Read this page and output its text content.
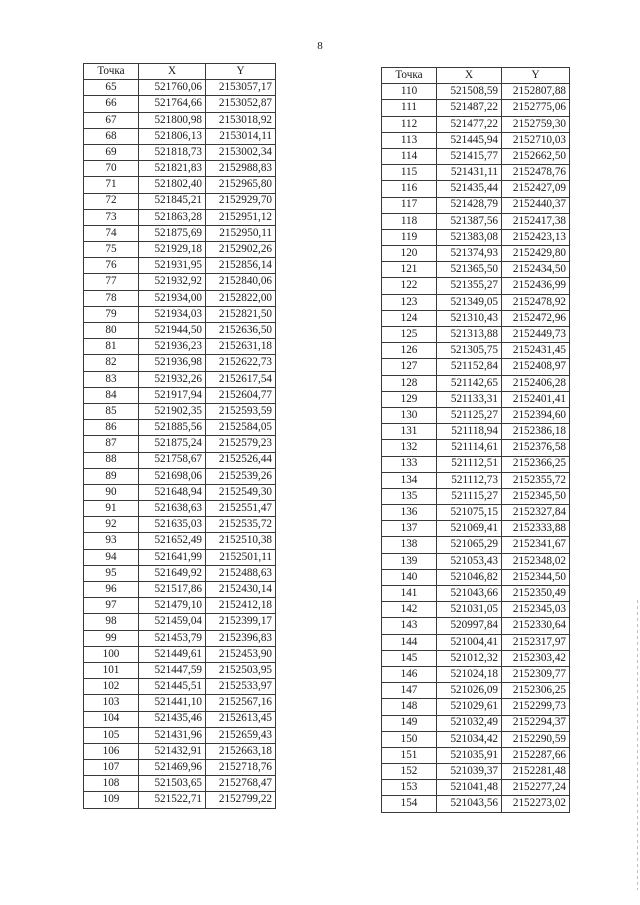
8
Точка	X	Y
65	521760,06	2153057,17
66	521764,66	2153052,87
67	521800,98	2153018,92
68	521806,13	2153014,11
69	521818,73	2153002,34
70	521821,83	2152988,83
71	521802,40	2152965,80
72	521845,21	2152929,70
73	521863,28	2152951,12
74	521875,69	2152950,11
75	521929,18	2152902,26
76	521931,95	2152856,14
77	521932,92	2152840,06
78	521934,00	2152822,00
79	521934,03	2152821,50
80	521944,50	2152636,50
81	521936,23	2152631,18
82	521936,98	2152622,73
83	521932,26	2152617,54
84	521917,94	2152604,77
85	521902,35	2152593,59
86	521885,56	2152584,05
87	521875,24	2152579,23
88	521758,67	2152526,44
89	521698,06	2152539,26
90	521648,94	2152549,30
91	521638,63	2152551,47
92	521635,03	2152535,72
93	521652,49	2152510,38
94	521641,99	2152501,11
95	521649,92	2152488,63
96	521517,86	2152430,14
97	521479,10	2152412,18
98	521459,04	2152399,17
99	521453,79	2152396,83
100	521449,61	2152453,90
101	521447,59	2152503,95
102	521445,51	2152533,97
103	521441,10	2152567,16
104	521435,46	2152613,45
105	521431,96	2152659,43
106	521432,91	2152663,18
107	521469,96	2152718,76
108	521503,65	2152768,47
109	521522,71	2152799,22
Точка	X	Y
110	521508,59	2152807,88
111	521487,22	2152775,06
112	521477,22	2152759,30
113	521445,94	2152710,03
114	521415,77	2152662,50
115	521431,11	2152478,76
116	521435,44	2152427,09
117	521428,79	2152440,37
118	521387,56	2152417,38
119	521383,08	2152423,13
120	521374,93	2152429,80
121	521365,50	2152434,50
122	521355,27	2152436,99
123	521349,05	2152478,92
124	521310,43	2152472,96
125	521313,88	2152449,73
126	521305,75	2152431,45
127	521152,84	2152408,97
128	521142,65	2152406,28
129	521133,31	2152401,41
130	521125,27	2152394,60
131	521118,94	2152386,18
132	521114,61	2152376,58
133	521112,51	2152366,25
134	521112,73	2152355,72
135	521115,27	2152345,50
136	521075,15	2152327,84
137	521069,41	2152333,88
138	521065,29	2152341,67
139	521053,43	2152348,02
140	521046,82	2152344,50
141	521043,66	2152350,49
142	521031,05	2152345,03
143	520997,84	2152330,64
144	521004,41	2152317,97
145	521012,32	2152303,42
146	521024,18	2152309,77
147	521026,09	2152306,25
148	521029,61	2152299,73
149	521032,49	2152294,37
150	521034,42	2152290,59
151	521035,91	2152287,66
152	521039,37	2152281,48
153	521041,48	2152277,24
154	521043,56	2152273,02
